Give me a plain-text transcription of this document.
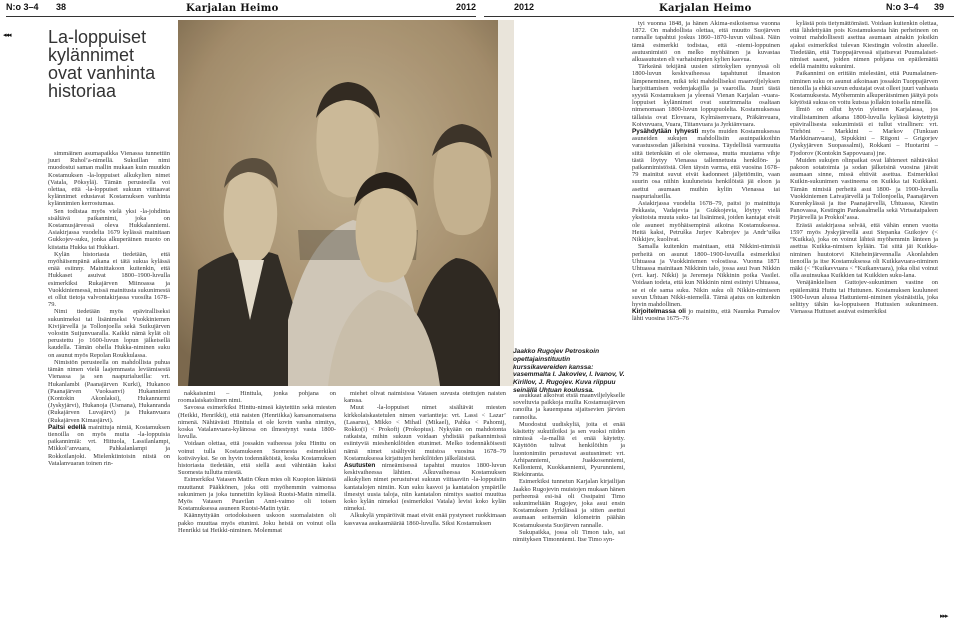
N:o 3–4 38	Karjalan Heimo	2012	2012	Karjalan Heimo	N:o 3–4 39
◂◂◂ La-loppuiset kylännimet ovat vanhinta historiaa

simmäinen asumapaikka Vienassa tunnettiin juuri Ruhol’a-nimellä. Sukuillan nimi muodostui saman mallin mukaan kuin muutkin Kostamuksen -la-loppuiset alkukylien nimet (Vatala, Pöksylä). Tämän perusteella voi olettaa, että -la-loppuiset sukuun viittaavat kylännimet edustavat Kostamuksen vanhinta kylännimien kerrostumaa.

Sen todistaa myös vielä yksi -la-johdinta sisältävä paikannimi, joka on Kostamusjärvessä oleva Hukkalanniemi. Asiakirjassa vuodelta 1679 kylässä mainitaan Gukkojev-suku, jonka alkuperäinen muoto on kiistatta Hukka tai Hukkari.

Kylän historiasta tiedetään, että myöhäisempänä aikana ei tätä sukua kylässä enää esiinny. Mainittakoon kuitenkin, että Hukkaset asuivat 1800–1900-luvulla esimerkiksi Rukajärven Miinoassa ja Vuokkiniemessä, missä mainitusta sukunimestä ei ollut tietoja valvontakirjassa vuosilta 1678–79.

Nimi tiedetään myös epäviralliseksi sukunimeksi tai lisänimeksi Vuokkiniemen Kivijärvellä ja Tollonjoella sekä Suikujärven volostin Suijunvuaralla. Kaikki nämä kylät oli perustettu jo 1600-luvun lopun jälkeisellä kaudella. Tämän ohella Hukka-niminen suku on asunut myös Repolan Roukkulassa.

Nimistön perusteella on mahdollista puhua tämän nimen vielä laajemmasta leviämisestä Vienassa ja sen naapurialueilla: vrt. Hukanlambi (Paanajärven Kurki), Hukanoo (Paanajärven Vuoksanvi) Hukanniemi (Kontokin Akonlaksi), Hukannurmi (Jyskyjärvi), Hukanoja (Usmana), Hukanranda (Rukajärven Luvajärvi) ja Hukanvuara (Rukajärven Kimasjärvi).

Paitsi edellä mainittuja nimiä, Kostamuksen tienoilla on myös muita -la-loppuisia paikannimiä: vrt. Hittuola, Lassilanlampi, Mikkol’anvuara, Pahkalanlampi ja Rokkoilanjoki. Mielenkiintoisin niistä on Vatalanvuaran toinen rin-

nakkaisnimi – Hinttula, jonka pohjana on roomalaiskatolinen nimi.

Savossa esimerkiksi Hinttu-nimeä käytettiin sekä miesten (Heikki, Henrikki), että naisten (Henriikka) kansanomaisena nimenä. Nähtävästi Hinttula ei ole kovin vanha nimitys, koska Vatalanvuara-kylänosa on ilmestynyt vasta 1800-luvulla.

Voidaan olettaa, että jossakin vaiheessa joku Hinttu on voinut tulla Kostamukseen Suomesta esimerkiksi kotivävyksi. Se on hyvin todennäköistä, koska Kostamuksen historiasta tiedetään, että siellä asui vähintään kaksi Suomesta tullutta miestä.

Esimerkiksi Vatasen Matin Okun mies oli Kuopion läänistä muuttanut Pääkkönen, joka otti myöhemmin vaimonsa sukunimen ja joka tunnettiin kylässä Ruotsi-Matin nimellä. Myös Vatasen Puavilan Anni-vaimo oli toisen Kostamuksessa asuneen Ruotsi-Matin tytär.

Käännyttyään ortodoksiseen uskoon suomalaisten oli pakko muuttaa myös etunimi. Joku heistä on voinut olla Henrikki tai Heikki-niminen. Molemmat

miehet olivat naimisissa Vatasen suvusta otettujen naisten kanssa.

Muut -la-loppuiset nimet sisältävät miesten kirkkolaiskastetulen nimen variantteja: vrt. Lassi < Lazar’ (Lasarus), Mikko < Mihail (Mikael), Pahka < Pahomij, Rokko(i) < Prokofij (Prokopius). Nykyään on mahdotonta ratkaista, mihin sukuun voidaan yhdistää paikannimissä esiintyviä mieshenkilöiden etunimet. Melko todennäköisesti nämä nimet sisältyvät muistoa vuosina 1678–79 Kostamuksessa kirjattujen henkilöiden jälkeläisistä.

Asutusten nimeämisessä tapahtui muutos 1800-luvun keskivaiheessa lähtien. Alkuvaiheessa Kostamuksen alkukylien nimet perustuivat sukuun viittaaviin -la-loppuisiin kantatalojen nimiin. Kun suku kasvoi ja kantatalon ympärille ilmestyi uusia taloja, niin kantatalon nimitys saattoi muuttua koko kylän nimeksi (esimerkiksi Vatala) levisi koko kylän nimeksi.

Alkukylä ympäröivät maat eivät enää pystyneet ruokkimaan kasvavaa asukasmäärää 1860-luvulla. Siksi Kostamuksen

asukkaat alkoivat etsiä maanviljelykselle soveltuvia paikkoja muilta Kostamusjärven ranoilta ja kauempana sijaitsevien järvien rannoilta.

Muodostui uudiskyliä, joita ei enää käsitetty sukutiloiksi ja sen vuoksi niiden nimissä -la-malliä ei enää käytetty. Käyttöön tulivat henkilöihin ja luontonimiin perustuvat asutusnimet: vrt. Arhipanniemi, Juakkosenniemi, Kelloniemi, Kuokkanniemi, Pyurunniemi, Riekinranta.

Esimerkiksi tunnetun Karjalan kirjailijan Jaakko Rugojevin muistojen mukaan hänen perheensä esi-isä oli Ossipaini Timo sukunimeltään Rugojev, joka asui ensin Kostamuksen Jyrkilässä ja sitten asettui asumaan seitsemän kilometrin päähän Kostamuksesta Suojärven rannalle.

Sukupaikka, jossa oli Timon talo, sai nimityksen Timonniemi. Itse Timo syn-

tyi vuonna 1848, ja hänen Akima-esikoisensa vuonna 1872. On mahdollista olettaa, että muutto Suojärven rannalle tapahtui joskus 1860–1870-luvun välissä. Näin tämä esimerkki todistaa, että -niemi-loppuinen asutusnimistö on melko myöhäinen ja kuvastaa alkuasutusten eli varhaisimpien kylien kasvua.

Tärkeänä tekijänä uusien siirtokylien synnyssä oli 1800-luvun keskivaiheessa tapahtunut ilmaston lämpeneminen, mikä teki mahdolliseksi maanviljelyksen harjoittamisen vedenjakajilla ja vaaroilla. Juuri tästä syystä Kostamuksen ja yleensä Vienan Karjalan -vuara-loppuiset kylännimet ovat suurimmalta osaltaan nimenomaan 1800-luvun loppupuolelta. Kostamuksessa tällaisia ovat Elovuara, Kylmäsenvuara, Präkänvuara, Koivuvuara, Vuara, Tiitanvuara ja Jyrkiänvuara.

Pysähdytään lyhyesti myös muiden Kostamuksessa asuneiden sukujen mahdollisiin asuinpaikkoihin varastusosdan jälkeisinä vuosina. Täydellistä varmuutta siitä tietenkään ei ole olemassa, mutta muutama vihje tästä löytyy Vienassa tallennetusta henkilön- ja paikannimistöstä. Olen täysin varma, että vuosina 1678–79 mainitut suvut eivät kadonneet jäljettömiin, vaan suurin osa niihin kuuluneista henkilöistä jäi eloon ja asettui asumaan muihin kyliin Vienassa tai naapurialueilla.

Asiakirjassa vuodelta 1678–79, paitsi jo mainittuja Pekkasia, Vadajevia ja Gukkojevia, löytyy vielä yksitoista muuta suku- tai lisänimeä, joiden kantajat eivät ole asuneet myöhäisempinä aikoina Kostamuksessa. Heitä kaksi, Petruška Jurjev Kabrojev ja Andr’uška Nikkijev, kuolivat.

Samalla kuitenkin mainitaan, että Nikkini-nimisiä perheitä on asunut 1800–1900-luvuilla esimerkiksi Uhtuassa ja Vuokkiniemen volostissa. Vuonna 1871 Uhtuassa mainitaan Nikkinin talo, jossa asui Ivan Nikkin (vrt. karj. Nikki) ja Jeremeja Nikkinin poika Vasilei. Voidaan todeta, että kun Nikkinin nimi esiintyi Uhtuassa, se ei ole sama suku. Nikin suku oli Nikkin-nimiseen suvun Uhtuan Nikki-niemellä. Tämä ajatus on kuitenkin hyvin mahdollinen.

Kirjoitelmassa oli jo mainittu, että Naumka Pumalov lähti vuosina 1675–76

kylästä pois tietymättömästi. Voidaan kuitenkin olettaa, että lähdettyään pois Kostamuksesta hän perheineen on voinut mahdollisesti asettua asumaan ainakin joksikin ajaksi esimerkiksi tulevan Kiestingin volostin alueelle. Tiedetään, että Tuoppajärvessä sijaitsevat Puumalaiset-nimiset saaret, joiden nimen pohjana on epäilemättä edellä mainittu sukunimi.

Paikannimi on erittäin mielestäni, että Puumalainen-niminen suku on asunut aikoinaan jossakin Tuoppajärven tienoilla ja ehkä suvun edustajat ovat olleet juuri vanhasta Kostamuksesta. Myöhemmin alkuperäisnimen jäätyä pois käytöstä sukua on voitu kutsua jollakin toisella nimellä.

Ilmiö on ollut hyvin yleinen Karjalassa, jos virallistaminen aikana 1800-luvulla kylässä käytettyjä epävirallisesta sukunimistä ei tullut virallinen: vrt. Törhöni – Markkini – Markov (Tunkuan Markkinanvuara), Sipukkini – Riigoni – Grigorjev (Jyskyjärven Suopassalmi), Rokkani – Huotarini – Fjodorov (Kontokin Sappovuara) jne.

Muiden sukujen olinpaikat ovat lähteneet nähtäväksi pakoon sotatoimia ja sodan jälkeisinä vuosina jäivät asumaan sinne, missä ehtivät asettua. Esimerkiksi Kuikin-sukunimen vastineena on Kuikka tai Kuikkani. Tämän nimisiä perheitä asui 1800- ja 1900-luvulla Vuokkiniemen Latvajärvellä ja Tollonjoella, Paanajärven Kurenkylässä ja itse Paanajärvellä, Uhtuassa, Kiestin Panovassa, Kestingin Pankasalmella sekä Virtsataipaleen Pirjärvellä ja Prokkol’assa.

Erästä asiakirjassa selvää, että vähän ennen vuotta 1597 myös Jyskyjärvellä asui Stepanka Guikojev (< “Kuikka), joka on voinut lähteä myöhemmin länteen ja asettua Kuikka-nimisen kylään. Tai siitä jäi Kuikka-niminen huutotorvi Kiteheinjärvennalla Akonlahden tienoilla ja itse Kostamuksessa oli Kuikkavuara-niminen mäki (< “Kuikavvuara < “Kuikanvuara), joka olisi voinut olla asuinsukaa Kuikkien tai Kuikkien suku-lana.

Venäjänkielisen Guttojev-sukunimen vastine on epäilemättä Huttu tai Huttunen. Kostamuksen kuuluneet 1900-luvun alussa Hattuniemi-niminen yksinäistila, joka selittyy tähän ka-loppuiseen Huttusien sukunimeen. Vienassa Huttuset asuivat esimerkiksi

Jaakko Rugojev Petroskoin opettajainstituutin kurssikavereiden kanssa: vasemmalta I. Jakovlev, I. Ivanov, V. Kirillov, J. Rugojev. Kuva riippuu seinällä Uhtuan koulussa.
▸▸▸
